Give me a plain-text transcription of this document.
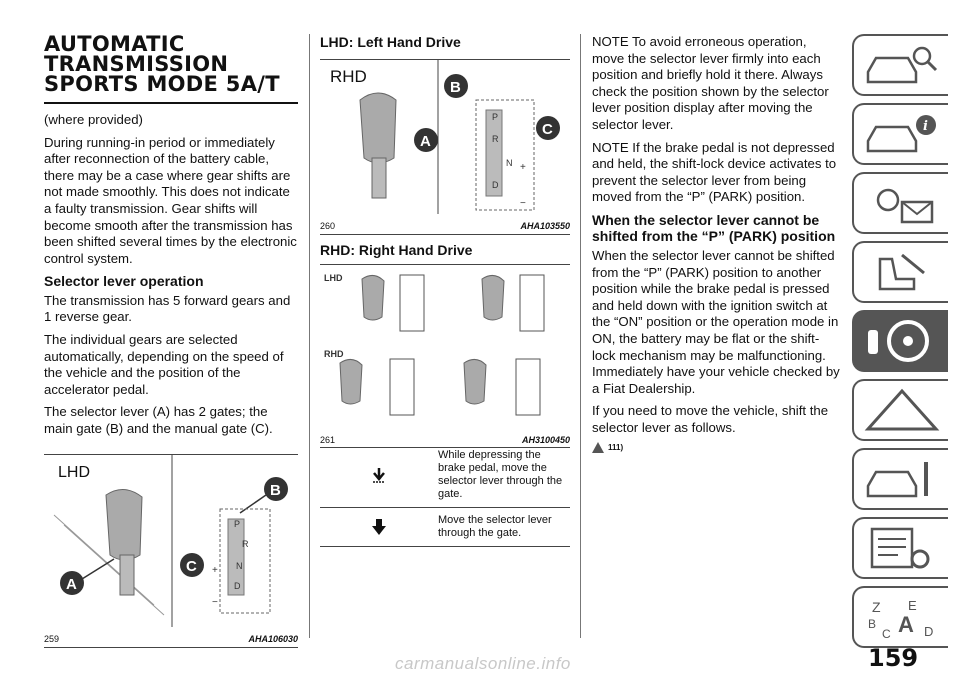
AUTOMATIC
TRANSMISSION
SPORTS MODE 5A/T

(where provided)

During running-in period or immediately after reconnection of the battery cable, there may be a case where gear shifts are not made smoothly. This does not indicate a faulty transmission. Gear shifts will become smooth after the transmission has been shifted several times by the electronic control system.

Selector lever operation

The transmission has 5 forward gears and 1 reverse gear.

The individual gears are selected automatically, depending on the speed of the vehicle and the position of the accelerator pedal.

The selector lever (A) has 2 gates; the main gate (B) and the manual gate (C).

LHD
A
C
B
P
R
N
D
+
−
259	AHA106030
LHD: Left Hand Drive
RHD
A
B
C
P
R
N
D
+
−
260	AHA103550
RHD: Right Hand Drive
LHD
RHD
261	AH3100450
While depressing the brake pedal, move the selector lever through the gate.
Move the selector lever through the gate.

NOTE To avoid erroneous operation, move the selector lever firmly into each position and briefly hold it there. Always check the position shown by the selector lever position display after moving the selector lever.

NOTE If the brake pedal is not depressed and held, the shift-lock device activates to prevent the selector lever from being moved from the “P” (PARK) position.

When the selector lever cannot be shifted from the “P” (PARK) position

When the selector lever cannot be shifted from the “P” (PARK) position to another position while the brake pedal is pressed and held down with the ignition switch at the “ON” position or the operation mode in ON, the battery may be flat or the shift-lock mechanism may be malfunctioning. Immediately have your vehicle checked by a Fiat Dealership.

If you need to move the vehicle, shift the selector lever as follows.

111)
i
Z E
B A
C	D
159
carmanualsonline.info
